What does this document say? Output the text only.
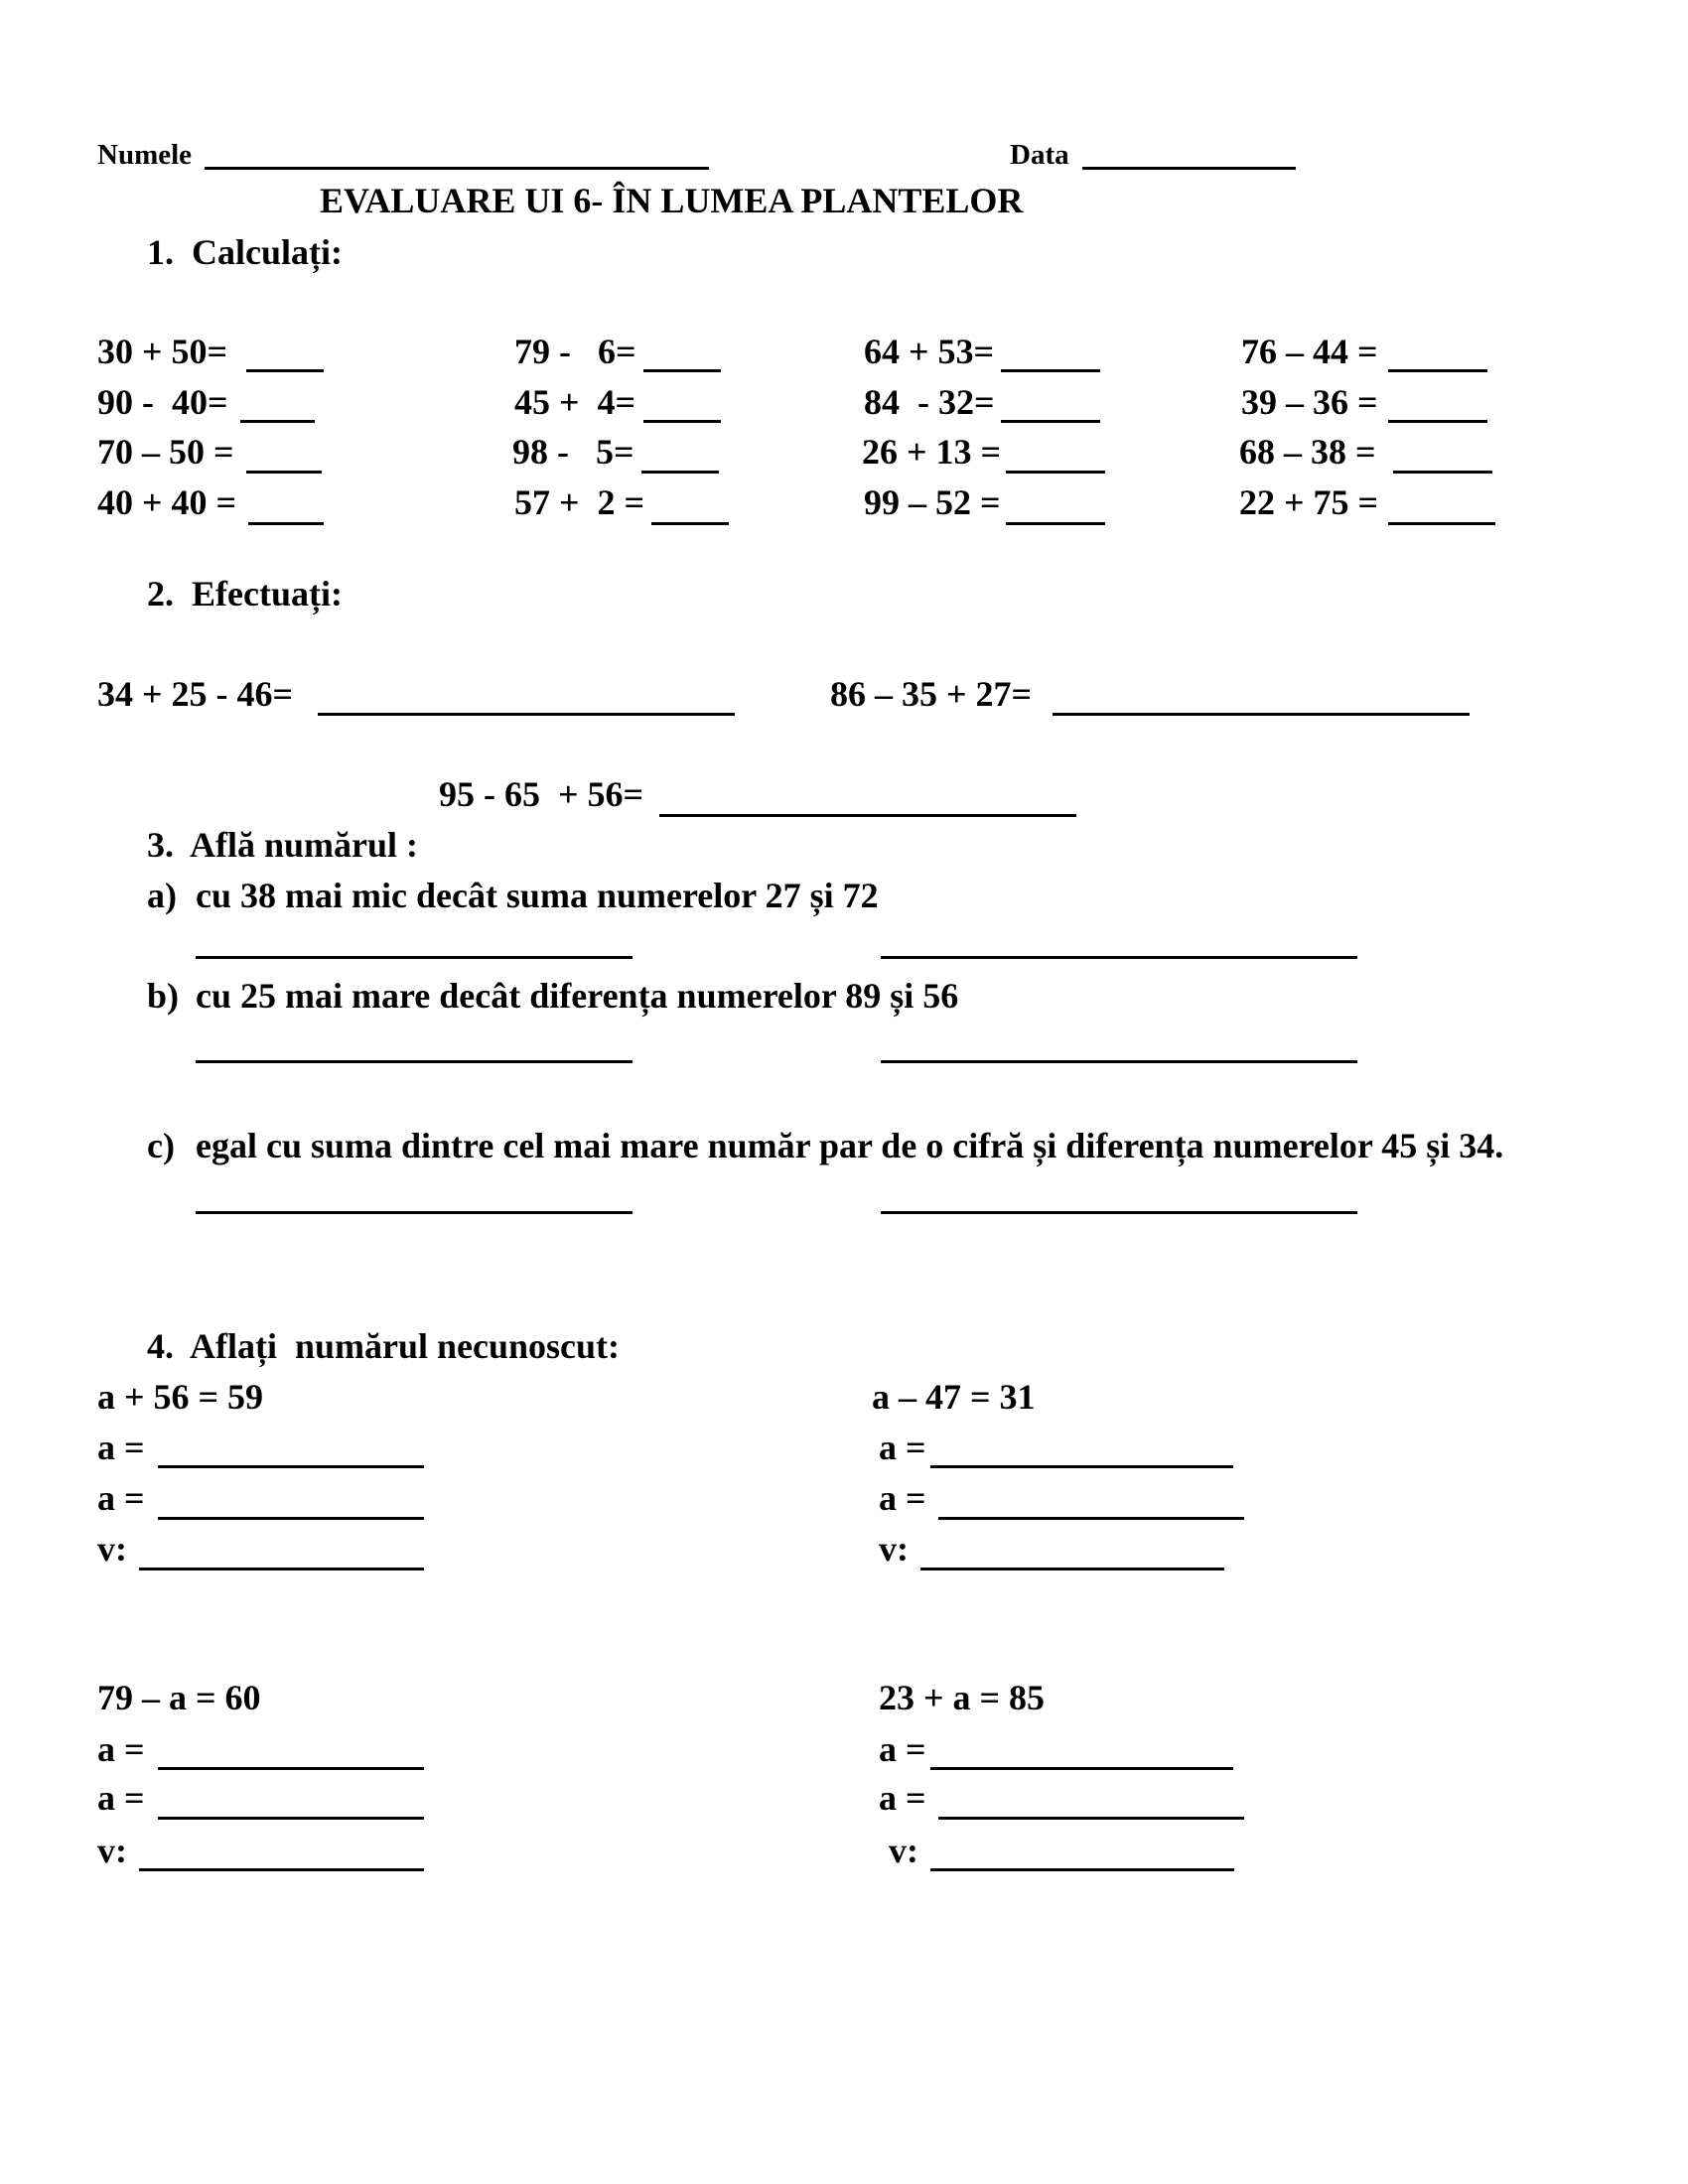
Numele	Data
EVALUARE UI 6- ÎN LUMEA PLANTELOR
1.  Calculați:
30 + 50=
90 -  40=
70 – 50 =
40 + 40 =
79 -   6=
45 +  4=
98 -   5=
57 +  2 =
64 + 53=
84  - 32=
26 + 13 =
99 – 52 =
76 – 44 =
39 – 36 =
68 – 38 =
22 + 75 =
2.  Efectuați:
34 + 25 - 46=	86 – 35 + 27=
95 - 65  + 56=
3.  Află numărul :
a) cu 38 mai mic decât suma numerelor 27 și 72
b) cu 25 mai mare decât diferența numerelor 89 și 56
c) egal cu suma dintre cel mai mare număr par de o cifră și diferența numerelor 45 și 34.
4.  Aflați  numărul necunoscut:
a + 56 = 59
a =
a =
v:
a – 47 = 31
a =
a =
v:
79 – a = 60
a =
a =
v:
23 + a = 85
a =
a =
v:
